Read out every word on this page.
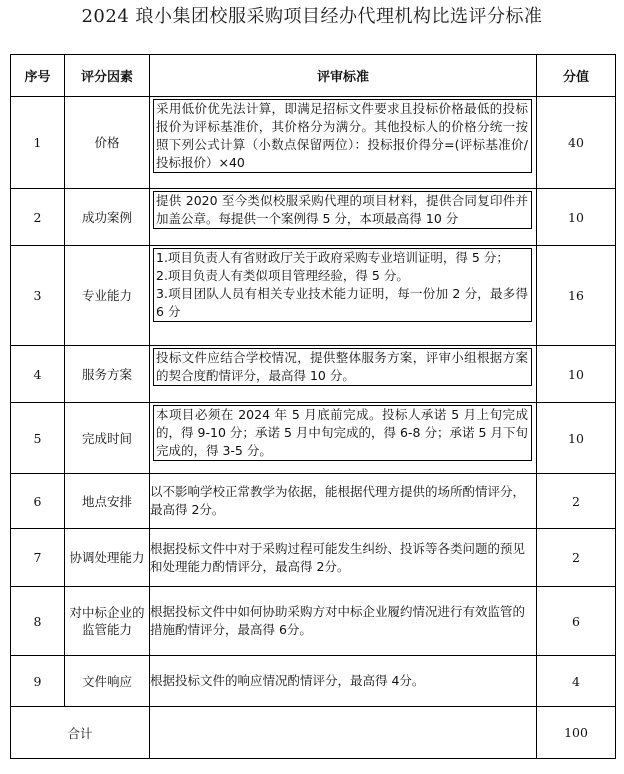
2024 琅小集团校服采购项目经办代理机构比选评分标准
序号	评分因素	评审标准	分值
1	价格	采用低价优先法计算，即满足招标文件要求且投标价格最低的投标报价为评标基准价，其价格分为满分。其他投标人的价格分统一按照下列公式计算（小数点保留两位）：投标报价得分=(评标基准价/投标报价）×40	40
2	成功案例	提供 2020 至今类似校服采购代理的项目材料，提供合同复印件并加盖公章。每提供一个案例得 5 分，本项最高得 10 分	10
3	专业能力	1.项目负责人有省财政厅关于政府采购专业培训证明，得 5 分；
2.项目负责人有类似项目管理经验，得 5 分。
3.项目团队人员有相关专业技术能力证明，每一份加 2 分，最多得 6 分	16
4	服务方案	投标文件应结合学校情况，提供整体服务方案，评审小组根据方案的契合度酌情评分，最高得 10 分。	10
5	完成时间	本项目必须在 2024 年 5 月底前完成。投标人承诺 5 月上旬完成的，得 9-10 分；承诺 5 月中旬完成的，得 6-8 分；承诺 5 月下旬完成的，得 3-5 分。	10
6	地点安排	以不影响学校正常教学为依据，能根据代理方提供的场所酌情评分，最高得 2分。	2
7	协调处理能力	根据投标文件中对于采购过程可能发生纠纷、投诉等各类问题的预见和处理能力酌情评分，最高得 2分。	2
8	对中标企业的监管能力	根据投标文件中如何协助采购方对中标企业履约情况进行有效监管的措施酌情评分，最高得 6分。	6
9	文件响应	根据投标文件的响应情况酌情评分，最高得 4分。	4
合计			100
